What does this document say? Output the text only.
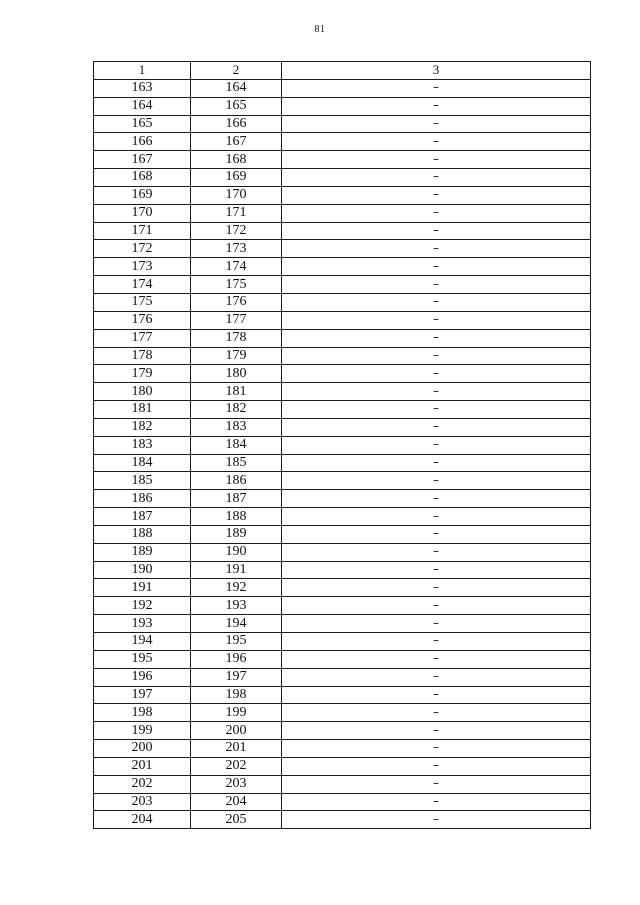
81
1	2	3
163	164	–
164	165	–
165	166	–
166	167	–
167	168	–
168	169	–
169	170	–
170	171	–
171	172	–
172	173	–
173	174	–
174	175	–
175	176	–
176	177	–
177	178	–
178	179	–
179	180	–
180	181	–
181	182	–
182	183	–
183	184	–
184	185	–
185	186	–
186	187	–
187	188	–
188	189	–
189	190	–
190	191	–
191	192	–
192	193	–
193	194	–
194	195	–
195	196	–
196	197	–
197	198	–
198	199	–
199	200	–
200	201	–
201	202	–
202	203	–
203	204	–
204	205	–
